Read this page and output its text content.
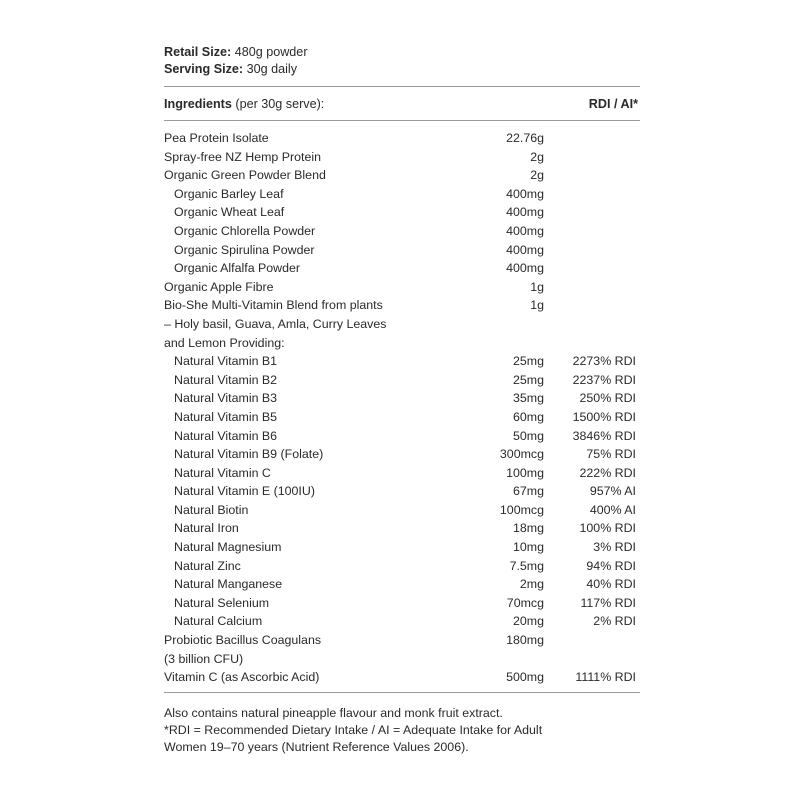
Retail Size: 480g powder
Serving Size: 30g daily
Ingredients (per 30g serve):	RDI / AI*
Pea Protein Isolate	22.76g
Spray-free NZ Hemp Protein	2g
Organic Green Powder Blend	2g
Organic Barley Leaf	400mg
Organic Wheat Leaf	400mg
Organic Chlorella Powder	400mg
Organic Spirulina Powder	400mg
Organic Alfalfa Powder	400mg
Organic Apple Fibre	1g
Bio-She Multi-Vitamin Blend from plants	1g
– Holy basil, Guava, Amla, Curry Leaves
and Lemon Providing:
Natural Vitamin B1	25mg 2273% RDI
Natural Vitamin B2	25mg 2237% RDI
Natural Vitamin B3	35mg	250% RDI
Natural Vitamin B5	60mg 1500% RDI
Natural Vitamin B6	50mg 3846% RDI
Natural Vitamin B9 (Folate)	300mcg	75% RDI
Natural Vitamin C	100mg	222% RDI
Natural Vitamin E (100IU)	67mg	957% AI
Natural Biotin	100mcg	400% AI
Natural Iron	18mg	100% RDI
Natural Magnesium	10mg	3% RDI
Natural Zinc	7.5mg	94% RDI
Natural Manganese	2mg	40% RDI
Natural Selenium	70mcg	117% RDI
Natural Calcium	20mg	2% RDI
Probiotic Bacillus Coagulans	180mg
(3 billion CFU)
Vitamin C (as Ascorbic Acid)	500mg	1111% RDI
Also contains natural pineapple flavour and monk fruit extract.
*RDI = Recommended Dietary Intake / AI = Adequate Intake for Adult
Women 19–70 years (Nutrient Reference Values 2006).
